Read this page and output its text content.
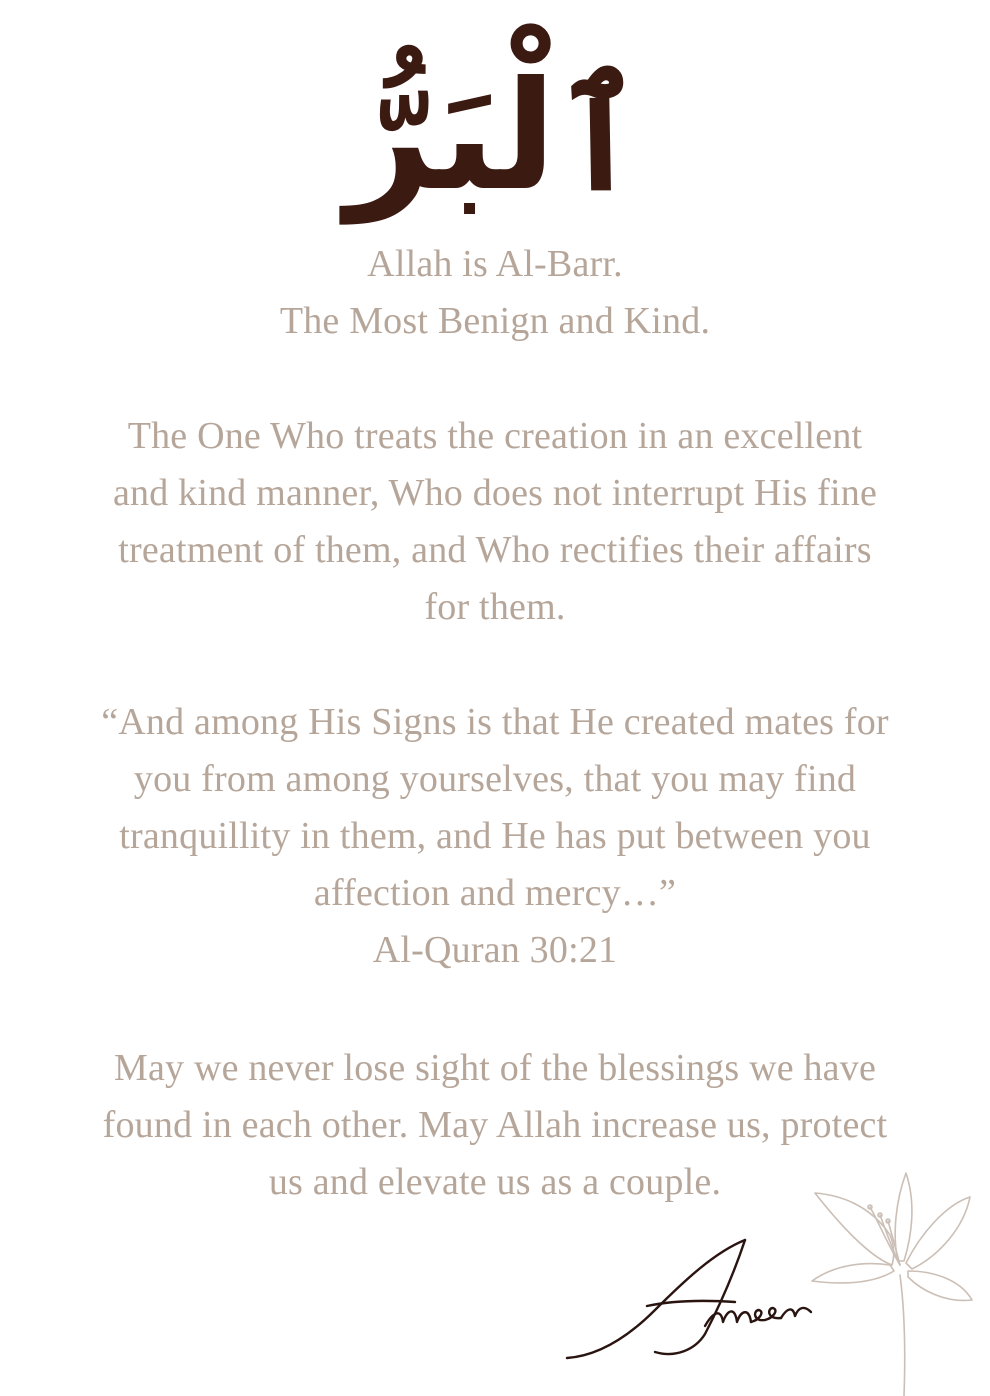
ٱلْبَرُّ

Allah is Al-Barr.

The Most Benign and Kind.

The One Who treats the creation in an excellent

and kind manner, Who does not interrupt His fine

treatment of them, and Who rectifies their affairs

for them.

“And among His Signs is that He created mates for

you from among yourselves, that you may find

tranquillity in them, and He has put between you

affection and mercy…”

Al-Quran 30:21

May we never lose sight of the blessings we have

found in each other. May Allah increase us, protect

us and elevate us as a couple.
